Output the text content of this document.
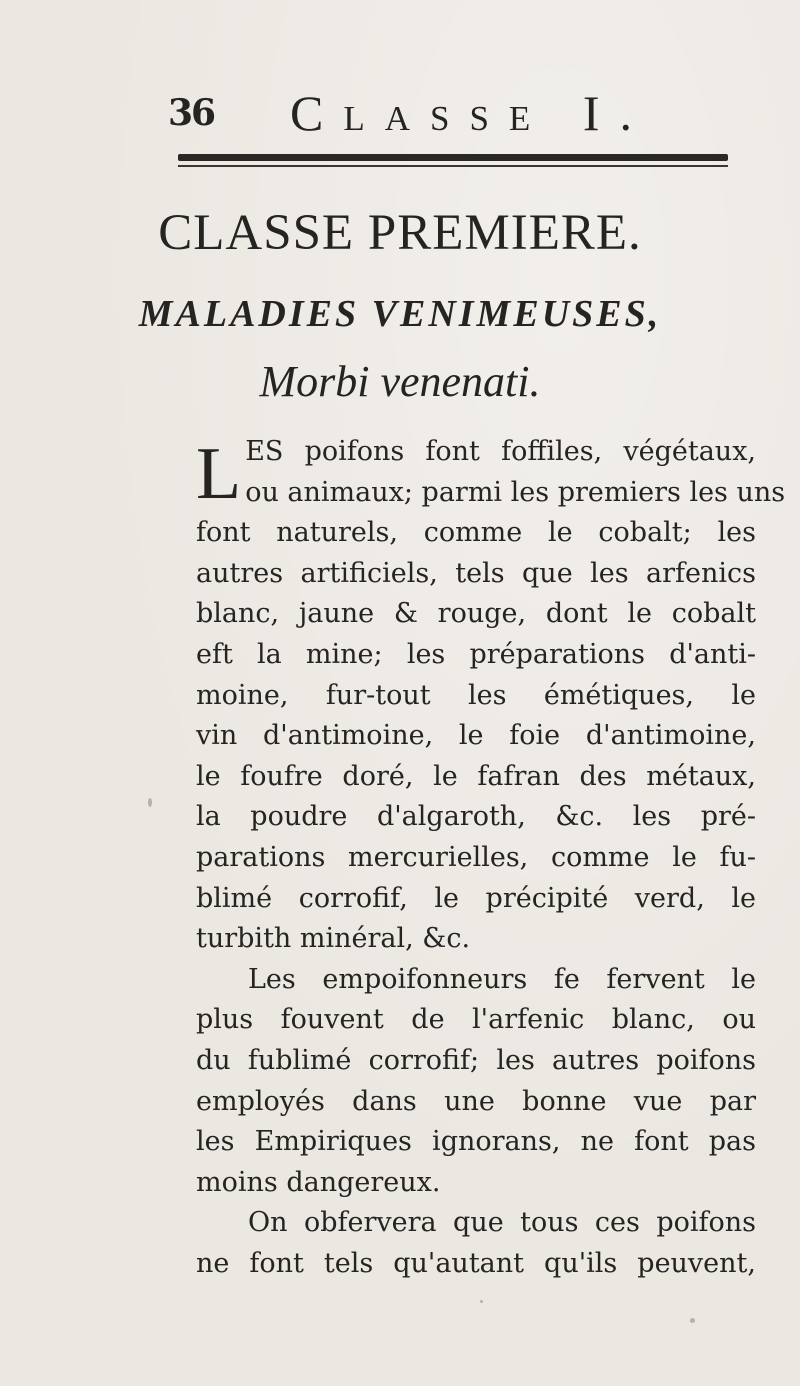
36 Classe I.
CLASSE PREMIERE.
MALADIES VENIMEUSES,
Morbi venenati.
L ES poifons font foffiles, végétaux,
ou animaux; parmi les premiers les uns
font naturels, comme le cobalt; les
autres artificiels, tels que les arfenics
blanc, jaune & rouge, dont le cobalt
eft la mine; les préparations d'anti-
moine, fur-tout les émétiques, le
vin d'antimoine, le foie d'antimoine,
le foufre doré, le fafran des métaux,
la poudre d'algaroth, &c. les pré-
parations mercurielles, comme le fu-
blimé corrofif, le précipité verd, le
turbith minéral, &c.
Les empoifonneurs fe fervent le
plus fouvent de l'arfenic blanc, ou
du fublimé corrofif; les autres poifons
employés dans une bonne vue par
les Empiriques ignorans, ne font pas
moins dangereux.
On obfervera que tous ces poifons
ne font tels qu'autant qu'ils peuvent,
